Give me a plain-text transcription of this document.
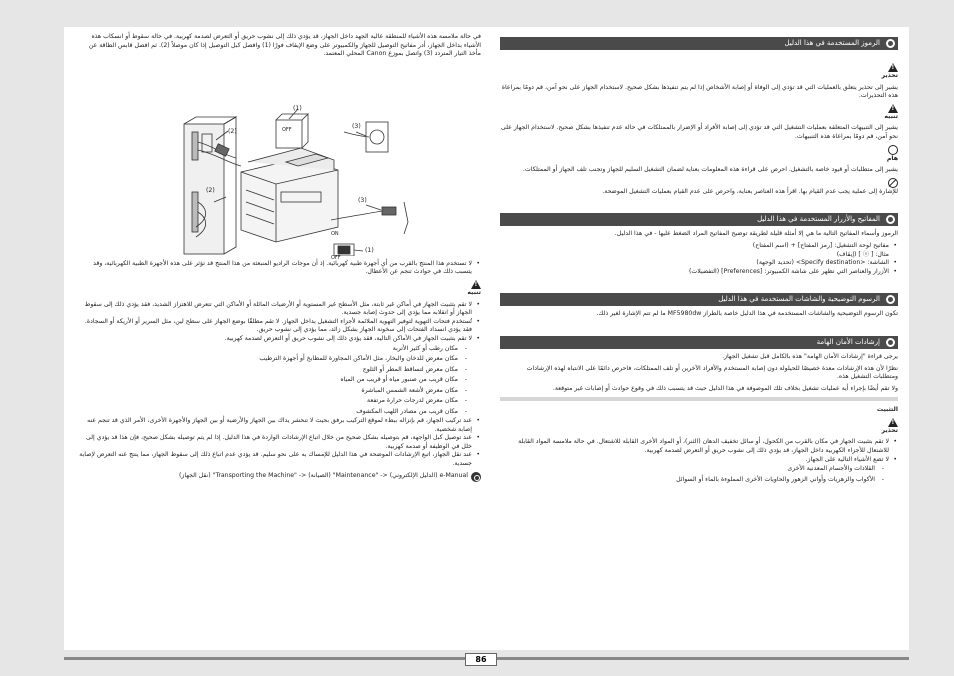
الرموز المستخدمة في هذا الدليل
!

تحذير

يشير إلى تحذير يتعلق بالعمليات التي قد تؤدي إلى الوفاة أو إصابة الأشخاص إذا لم يتم تنفيذها بشكل صحيح. لاستخدام الجهاز على نحو آمن، قم دومًا بمراعاة هذه التحذيرات.

!

تنبيه

يشير إلى التنبيهات المتعلقة بعمليات التشغيل التي قد تؤدي إلى إصابة الأفراد أو الإضرار بالممتلكات في حالة عدم تنفيذها بشكل صحيح. لاستخدام الجهاز على نحو آمن، قم دومًا بمراعاة هذه التنبيهات.

هام

يشير إلى متطلبات أو قيود خاصة بالتشغيل. احرص على قراءة هذه المعلومات بعناية لضمان التشغيل السليم للجهاز وتجنب تلف الجهاز أو الممتلكات.

للإشارة إلى عملية يجب عدم القيام بها. اقرأ هذه العناصر بعناية، واحرص على عدم القيام بعمليات التشغيل الموضحة.

المفاتيح والأزرار المستخدمة في هذا الدليل

الرموز وأسماء المفاتيح التالية ما هي إلا أمثلة قليلة لطريقة توضيح المفاتيح المراد الضغط عليها - في هذا الدليل.

• مفاتيح لوحة التشغيل: [رمز المفتاح] + (اسم المفتاح)
مثال: [ ⓢ ] (إيقاف)
• الشاشة: <Specify destination> (تحديد الوجهة)
• الأزرار والعناصر التي تظهر على شاشة الكمبيوتر: [Preferences] (التفضيلات)
الرسوم التوضيحية والشاشات المستخدمة في هذا الدليل

تكون الرسوم التوضيحية والشاشات المستخدمة في هذا الدليل خاصة بالطراز MF5980dw ما لم تتم الإشارة لغير ذلك.

إرشادات الأمان الهامة

يرجى قراءة "إرشادات الأمان الهامة" هذه بالكامل قبل تشغيل الجهاز.

نظرًا لأن هذه الإرشادات معدة خصيصًا للحيلولة دون إصابة المستخدم والأفراد الآخرين أو تلف الممتلكات، فاحرص دائمًا على الانتباه لهذه الإرشادات ومتطلبات التشغيل هذه.

ولا تقم أيضًا بإجراء أية عمليات تشغيل بخلاف تلك الموصوفة في هذا الدليل حيث قد يتسبب ذلك في وقوع حوادث أو إصابات غير متوقعة.

التثبيت

!

تحذير

• لا تقم بتثبيت الجهاز في مكان بالقرب من الكحول، أو سائل تخفيف الدهان (الثنر)، أو المواد الأخرى القابلة للاشتعال. في حالة ملامسة المواد القابلة للاشتعال للأجزاء الكهربية داخل الجهاز، قد يؤدي ذلك إلى نشوب حريق أو التعرض لصدمة كهربية.
• لا تضع الأشياء التالية على الجهاز.
- القلادات والأجسام المعدنية الأخرى
- الأكواب والزهريات وأواني الزهور والحاويات الأخرى المملوءة بالماء أو السوائل

في حالة ملامسة هذه الأشياء للمنطقة عالية الجهد داخل الجهاز، قد يؤدي ذلك إلى نشوب حريق أو التعرض لصدمة كهربية. في حالة سقوط أو انسكاب هذه الأشياء بداخل الجهاز، أدر مفاتيح التوصيل للجهاز والكمبيوتر على وضع الإيقاف فورًا (1) وافصل كبل التوصيل إذا كان موصلاً (2). ثم افصل قابس الطاقة عن مأخذ التيار المتردد (3) واتصل بموزع Canon المحلي المعتمد.

(1)
(2)
(3)
OFF
(2)
(3)
ON
(1)
OFF
• لا تستخدم هذا المنتج بالقرب من أي أجهزة طبية كهربائية. إذ أن موجات الراديو المنبعثة من هذا المنتج قد تؤثر على هذه الأجهزة الطبية الكهربائية، وقد يتسبب ذلك في حوادث تنجم عن الأعطال.
!

تنبيه

• لا تقم بتثبيت الجهاز في أماكن غير ثابتة، مثل الأسطح غير المستوية أو الأرضيات المائلة أو الأماكن التي تتعرض للاهتزاز الشديد، فقد يؤدي ذلك إلى سقوط الجهاز أو انقلابه مما يؤدي إلى حدوث إصابة جسدية.
• تُستخدم فتحات التهوية لتوفير التهوية الملائمة لأجزاء التشغيل بداخل الجهاز. لا تقم مطلقًا بوضع الجهاز على سطح لين، مثل السرير أو الأريكة أو السجادة. فقد يؤدي انسداد الفتحات إلى سخونة الجهاز بشكل زائد، مما يؤدي إلى نشوب حريق.
• لا تقم بتثبيت الجهاز في الأماكن التالية، فقد يؤدي ذلك إلى نشوب حريق أو التعرض لصدمة كهربية.
- مكان رطب أو كثير الأتربة
- مكان معرض للدخان والبخار، مثل الأماكن المجاورة للمطابخ أو أجهزة الترطيب
- مكان معرض لتساقط المطر أو الثلوج
- مكان قريب من صنبور مياه أو قريب من المياه
- مكان معرض لأشعة الشمس المباشرة
- مكان معرض لدرجات حرارة مرتفعة
- مكان قريب من مصادر اللهب المكشوف
• عند تركيب الجهاز، قم بإنزاله ببطء لموقع التركيب برفق بحيث لا تنحشر يداك بين الجهاز والأرضية أو بين الجهاز والأجهزة الأخرى، الأمر الذي قد تنجم عنه إصابة شخصية.
• عند توصيل كبل الواجهة، قم بتوصيله بشكل صحيح من خلال اتباع الإرشادات الواردة في هذا الدليل. إذا لم يتم توصيله بشكل صحيح، فإن هذا قد يؤدي إلى خلل في الوظيفة أو صدمة كهربية.
• عند نقل الجهاز، اتبع الإرشادات الموضحة في هذا الدليل للإمساك به على نحو سليم. قد يؤدي عدم اتباع ذلك إلى سقوط الجهاز، مما ينتج عنه التعرض لإصابة جسدية.
e-Manual (الدليل الإلكتروني) <- "Maintenance" (الصيانة) <- "Transporting the Machine" (نقل الجهاز)
86
